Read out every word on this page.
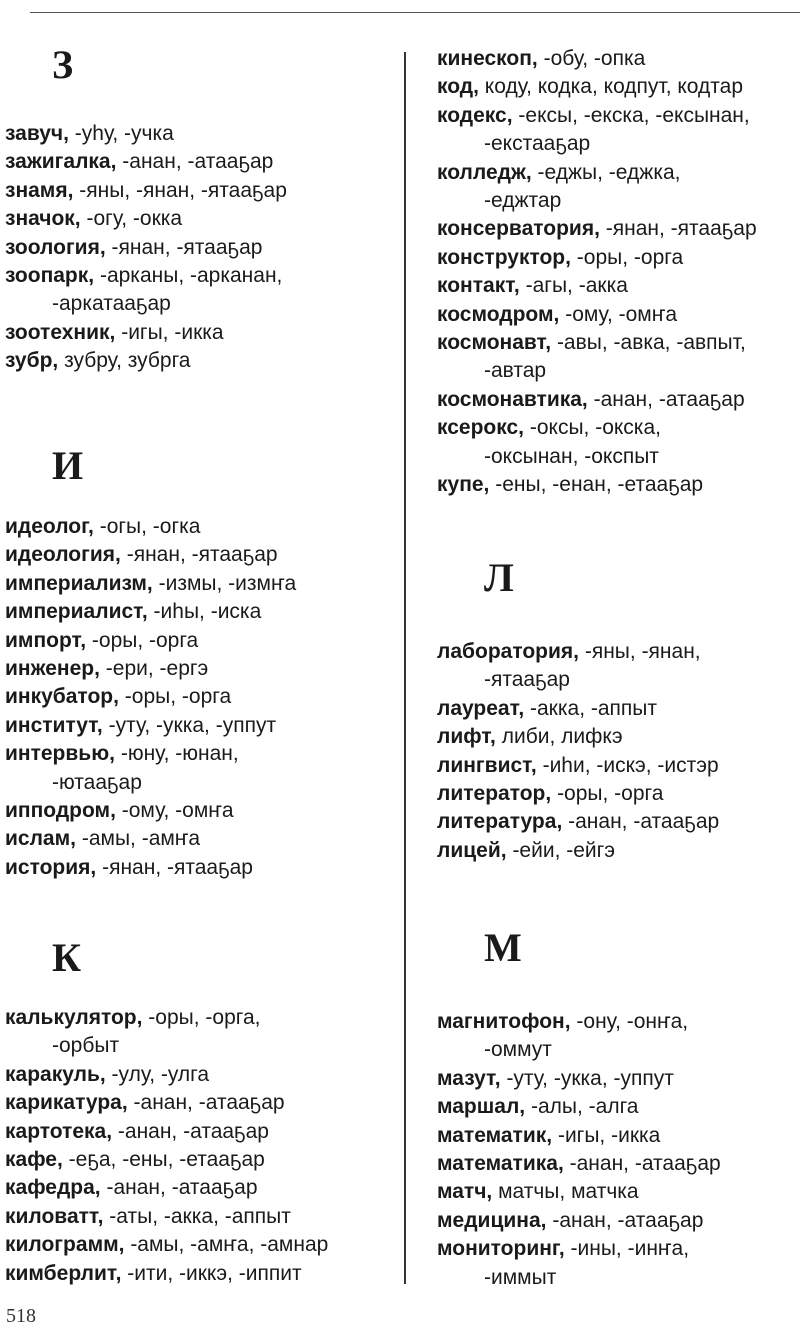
З
завуч, -уһу, -учка
зажигалка, -анан, -атааҕар
знамя, -яны, -янан, -ятааҕар
значок, -огу, -окка
зоология, -янан, -ятааҕар
зоопарк, -арканы, -арканан,
-аркатааҕар
зоотехник, -игы, -икка
зубр, зубру, зубрга
И
идеолог, -огы, -огка
идеология, -янан, -ятааҕар
империализм, -измы, -измҥа
империалист, -иһы, -иска
импорт, -оры, -орга
инженер, -ери, -ергэ
инкубатор, -оры, -орга
институт, -уту, -укка, -уппут
интервью, -юну, -юнан,
-ютааҕар
ипподром, -ому, -омҥа
ислам, -амы, -амҥа
история, -янан, -ятааҕар
К
калькулятор, -оры, -орга,
-орбыт
каракуль, -улу, -улга
карикатура, -анан, -атааҕар
картотека, -анан, -атааҕар
кафе, -еҕа, -ены, -етааҕар
кафедра, -анан, -атааҕар
киловатт, -аты, -акка, -аппыт
килограмм, -амы, -амҥа, -амнар
кимберлит, -ити, -иккэ, -иппит
кинескоп, -обу, -опка
код, коду, кодка, кодпут, кодтар
кодекс, -ексы, -екска, -ексынан,
-екстааҕар
колледж, -еджы, -еджка,
-еджтар
консерватория, -янан, -ятааҕар
конструктор, -оры, -орга
контакт, -агы, -акка
космодром, -ому, -омҥа
космонавт, -авы, -авка, -авпыт,
-автар
космонавтика, -анан, -атааҕар
ксерокс, -оксы, -окска,
-оксынан, -окспыт
купе, -ены, -енан, -етааҕар
Л
лаборатория, -яны, -янан,
-ятааҕар
лауреат, -акка, -аппыт
лифт, либи, лифкэ
лингвист, -иһи, -искэ, -истэр
литератор, -оры, -орга
литература, -анан, -атааҕар
лицей, -ейи, -ейгэ
М
магнитофон, -ону, -онҥа,
-оммут
мазут, -уту, -укка, -уппут
маршал, -алы, -алга
математик, -игы, -икка
математика, -анан, -атааҕар
матч, матчы, матчка
медицина, -анан, -атааҕар
мониторинг, -ины, -инҥа,
-иммыт
518
